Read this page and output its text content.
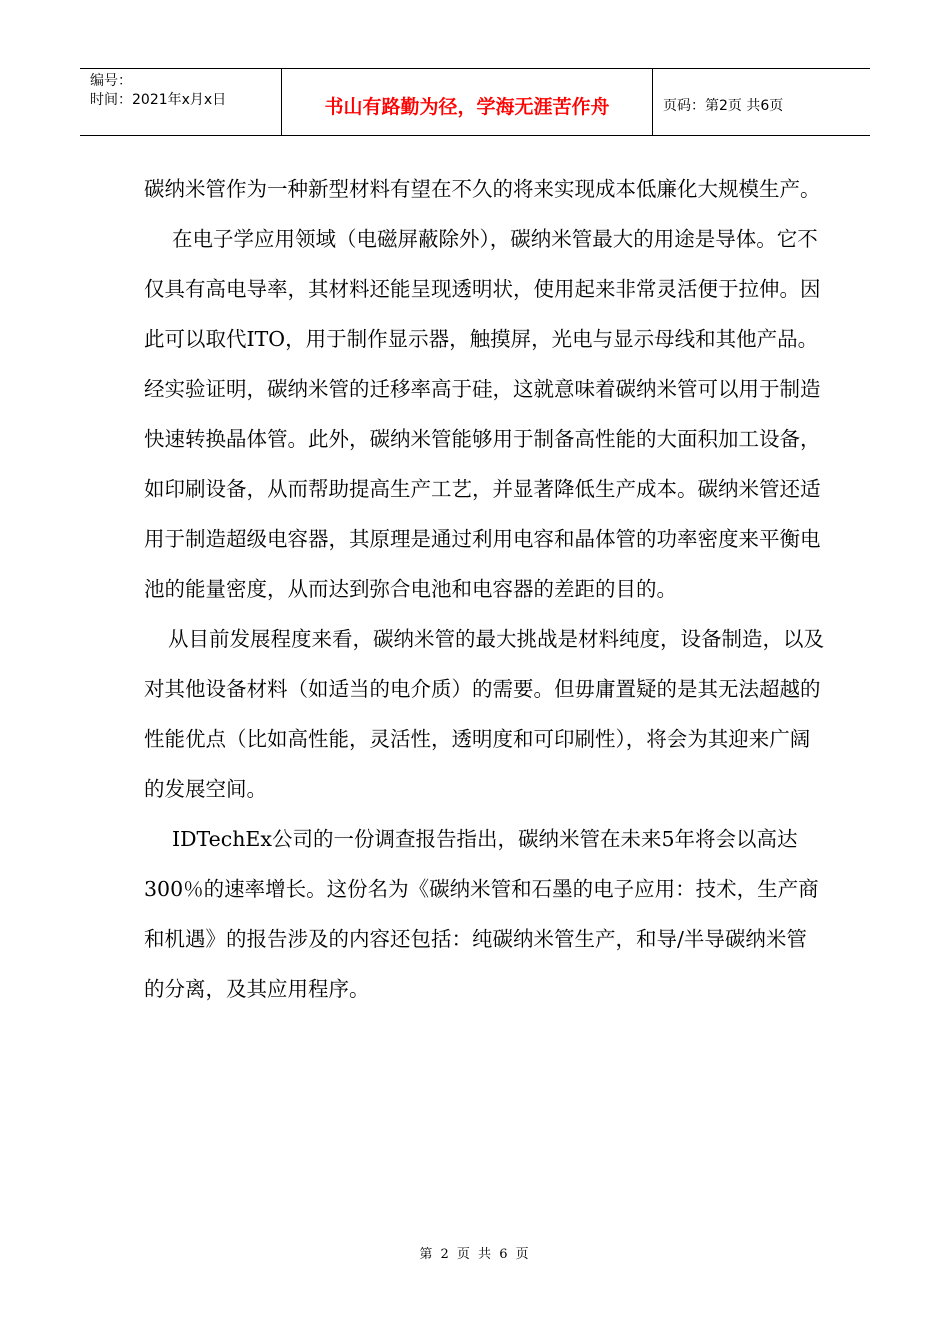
编号：
时间：2021年x月x日	书山有路勤为径，学海无涯苦作舟	页码：第2页 共6页

碳纳米管作为一种新型材料有望在不久的将来实现成本低廉化大规模生产。

在电子学应用领域（电磁屏蔽除外），碳纳米管最大的用途是导体。它不仅具有高电导率，其材料还能呈现透明状，使用起来非常灵活便于拉伸。因此可以取代ITO，用于制作显示器，触摸屏，光电与显示母线和其他产品。经实验证明，碳纳米管的迁移率高于硅，这就意味着碳纳米管可以用于制造快速转换晶体管。此外，碳纳米管能够用于制备高性能的大面积加工设备，如印刷设备，从而帮助提高生产工艺，并显著降低生产成本。碳纳米管还适用于制造超级电容器，其原理是通过利用电容和晶体管的功率密度来平衡电池的能量密度，从而达到弥合电池和电容器的差距的目的。

从目前发展程度来看，碳纳米管的最大挑战是材料纯度，设备制造，以及对其他设备材料（如适当的电介质）的需要。但毋庸置疑的是其无法超越的性能优点（比如高性能，灵活性，透明度和可印刷性），将会为其迎来广阔的发展空间。

IDTechEx公司的一份调查报告指出，碳纳米管在未来5年将会以高达300％的速率增长。这份名为《碳纳米管和石墨的电子应用：技术，生产商和机遇》的报告涉及的内容还包括：纯碳纳米管生产，和导/半导碳纳米管的分离，及其应用程序。

第 2 页 共 6 页
